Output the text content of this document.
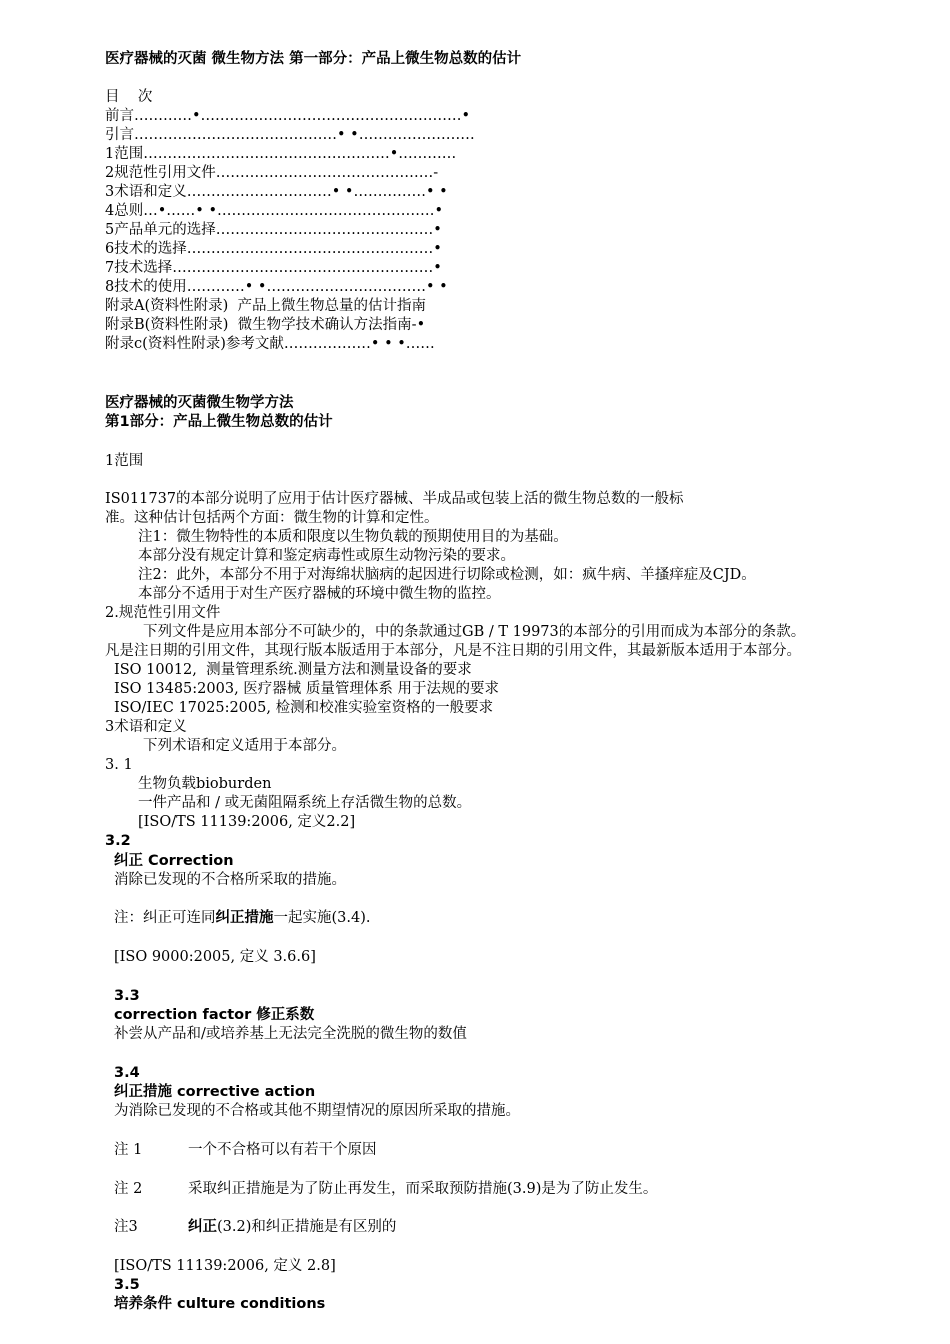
医疗器械的灭菌 微生物方法 第一部分：产品上微生物总数的估计
目    次
前言…………•………………………………………………•
引言……………………………………• •……………………
1范围……………………………………………•…………
2规范性引用文件………………………………………-
3术语和定义…………………………• •……………• •
4总则…•……• •………………………………………•
5产品单元的选择………………………………………•
6技术的选择……………………………………………•
7技术选择………………………………………………•
8技术的使用…………• •……………………………• •
附录A(资料性附录)  产品上微生物总量的估计指南
附录B(资料性附录)  微生物学技术确认方法指南-•
附录c(资料性附录)参考文献………………• • •……
医疗器械的灭菌微生物学方法
第1部分：产品上微生物总数的估计
1范围
IS011737的本部分说明了应用于估计医疗器械、半成品或包装上活的微生物总数的一般标
准。这种估计包括两个方面：微生物的计算和定性。
注1：微生物特性的本质和限度以生物负载的预期使用目的为基础。
本部分没有规定计算和鉴定病毒性或原生动物污染的要求。
注2：此外，本部分不用于对海绵状脑病的起因进行切除或检测，如：疯牛病、羊搔痒症及CJD。
本部分不适用于对生产医疗器械的环境中微生物的监控。
2.规范性引用文件
下列文件是应用本部分不可缺少的，中的条款通过GB / T 19973的本部分的引用而成为本部分的条款。
凡是注日期的引用文件，其现行版本版适用于本部分，凡是不注日期的引用文件，其最新版本适用于本部分。
ISO 10012,  测量管理系统.测量方法和测量设备的要求
ISO 13485:2003, 医疗器械 质量管理体系 用于法规的要求
ISO/IEC 17025:2005, 检测和校准实验室资格的一般要求
3术语和定义
下列术语和定义适用于本部分。
3. 1
生物负载bioburden
一件产品和 / 或无菌阻隔系统上存活微生物的总数。
[ISO/TS 11139:2006, 定义2.2]
3.2
纠正 Correction
消除已发现的不合格所采取的措施。
注：纠正可连同纠正措施一起实施(3.4).
[ISO 9000:2005, 定义 3.6.6]
3.3
correction factor 修正系数
补尝从产品和/或培养基上无法完全洗脱的微生物的数值
3.4
纠正措施 corrective action
为消除已发现的不合格或其他不期望情况的原因所采取的措施。
注 1	一个不合格可以有若干个原因
注 2	采取纠正措施是为了防止再发生，而采取预防措施(3.9)是为了防止发生。
注3	纠正(3.2)和纠正措施是有区别的
[ISO/TS 11139:2006, 定义 2.8]
3.5
培养条件 culture conditions
